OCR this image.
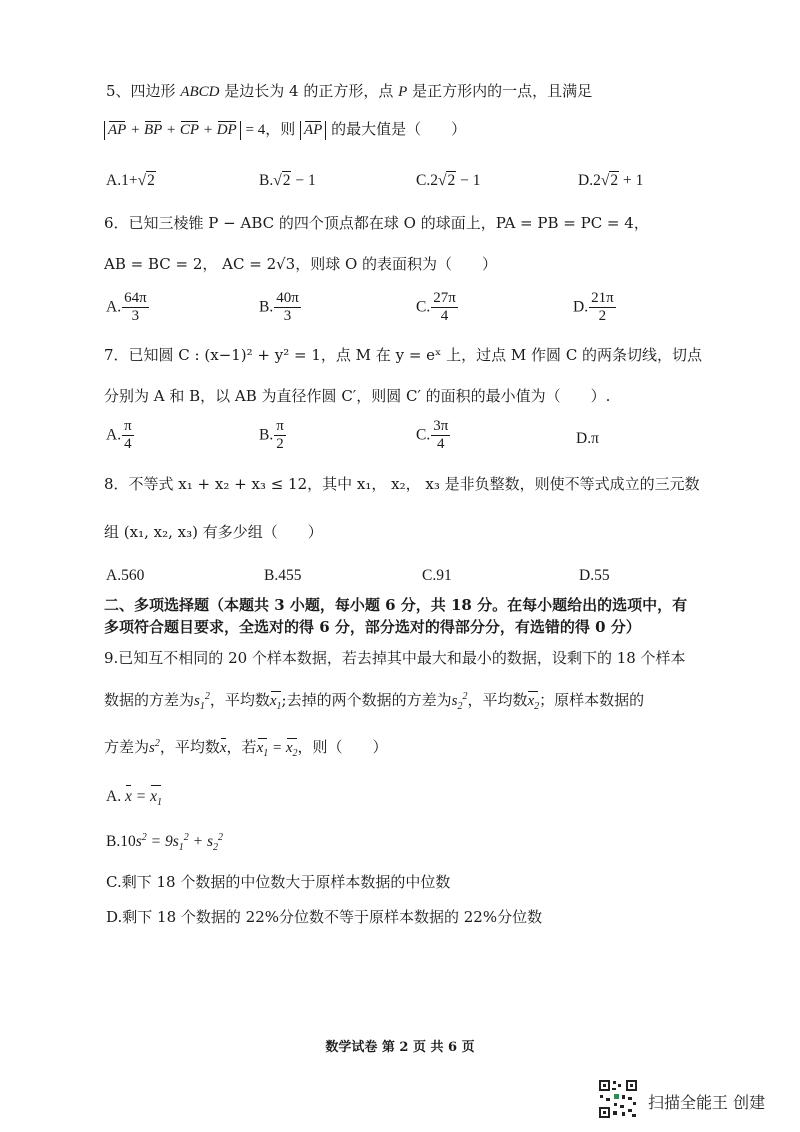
5、四边形 ABCD 是边长为 4 的正方形，点 P 是正方形内的一点，且满足
AP + BP + CP + DP = 4，则 AP 的最大值是（　　）
A.1+√2	B.√2 − 1	C.2√2 − 1	D.2√2 + 1
6．已知三棱锥 P − ABC 的四个顶点都在球 O 的球面上，PA = PB = PC = 4，
AB = BC = 2， AC = 2√3，则球 O 的表面积为（　　）
A. $\frac{64\pi}{3}$	B. $\frac{40\pi}{3}$	C. $\frac{27\pi}{4}$	D. $\frac{21\pi}{2}$
7．已知圆 C : (x−1)² + y² = 1，点 M 在 y = eˣ 上，过点 M 作圆 C 的两条切线，切点
分别为 A 和 B，以 AB 为直径作圆 C′，则圆 C′ 的面积的最小值为（　　）.
A. $\frac{\pi}{4}$	B. $\frac{\pi}{2}$	C. $\frac{3\pi}{4}$	D.π
8．不等式 x₁ + x₂ + x₃ ≤ 12，其中 x₁， x₂， x₃ 是非负整数，则使不等式成立的三元数
组 (x₁, x₂, x₃) 有多少组（　　）
A.560	B.455	C.91	D.55
二、多项选择题（本题共 3 小题，每小题 6 分，共 18 分。在每小题给出的选项中，有
多项符合题目要求，全选对的得 6 分，部分选对的得部分分，有选错的得 0 分）
9.已知互不相同的 20 个样本数据，若去掉其中最大和最小的数据，设剩下的 18 个样本
数据的方差为$s_1^2$，平均数$x_1$;去掉的两个数据的方差为$s_2^2$，平均数$x_2$；原样本数据的
方差为$s^2$，平均数x，若$x_1 = x_2$，则（　　）
A. $x = x_1$
$B.10s^2 = 9s_1^2 + s_2^2$
C.剩下 18 个数据的中位数大于原样本数据的中位数
D.剩下 18 个数据的 22%分位数不等于原样本数据的 22%分位数
数学试卷 第 2 页 共 6 页
扫描全能王 创建
